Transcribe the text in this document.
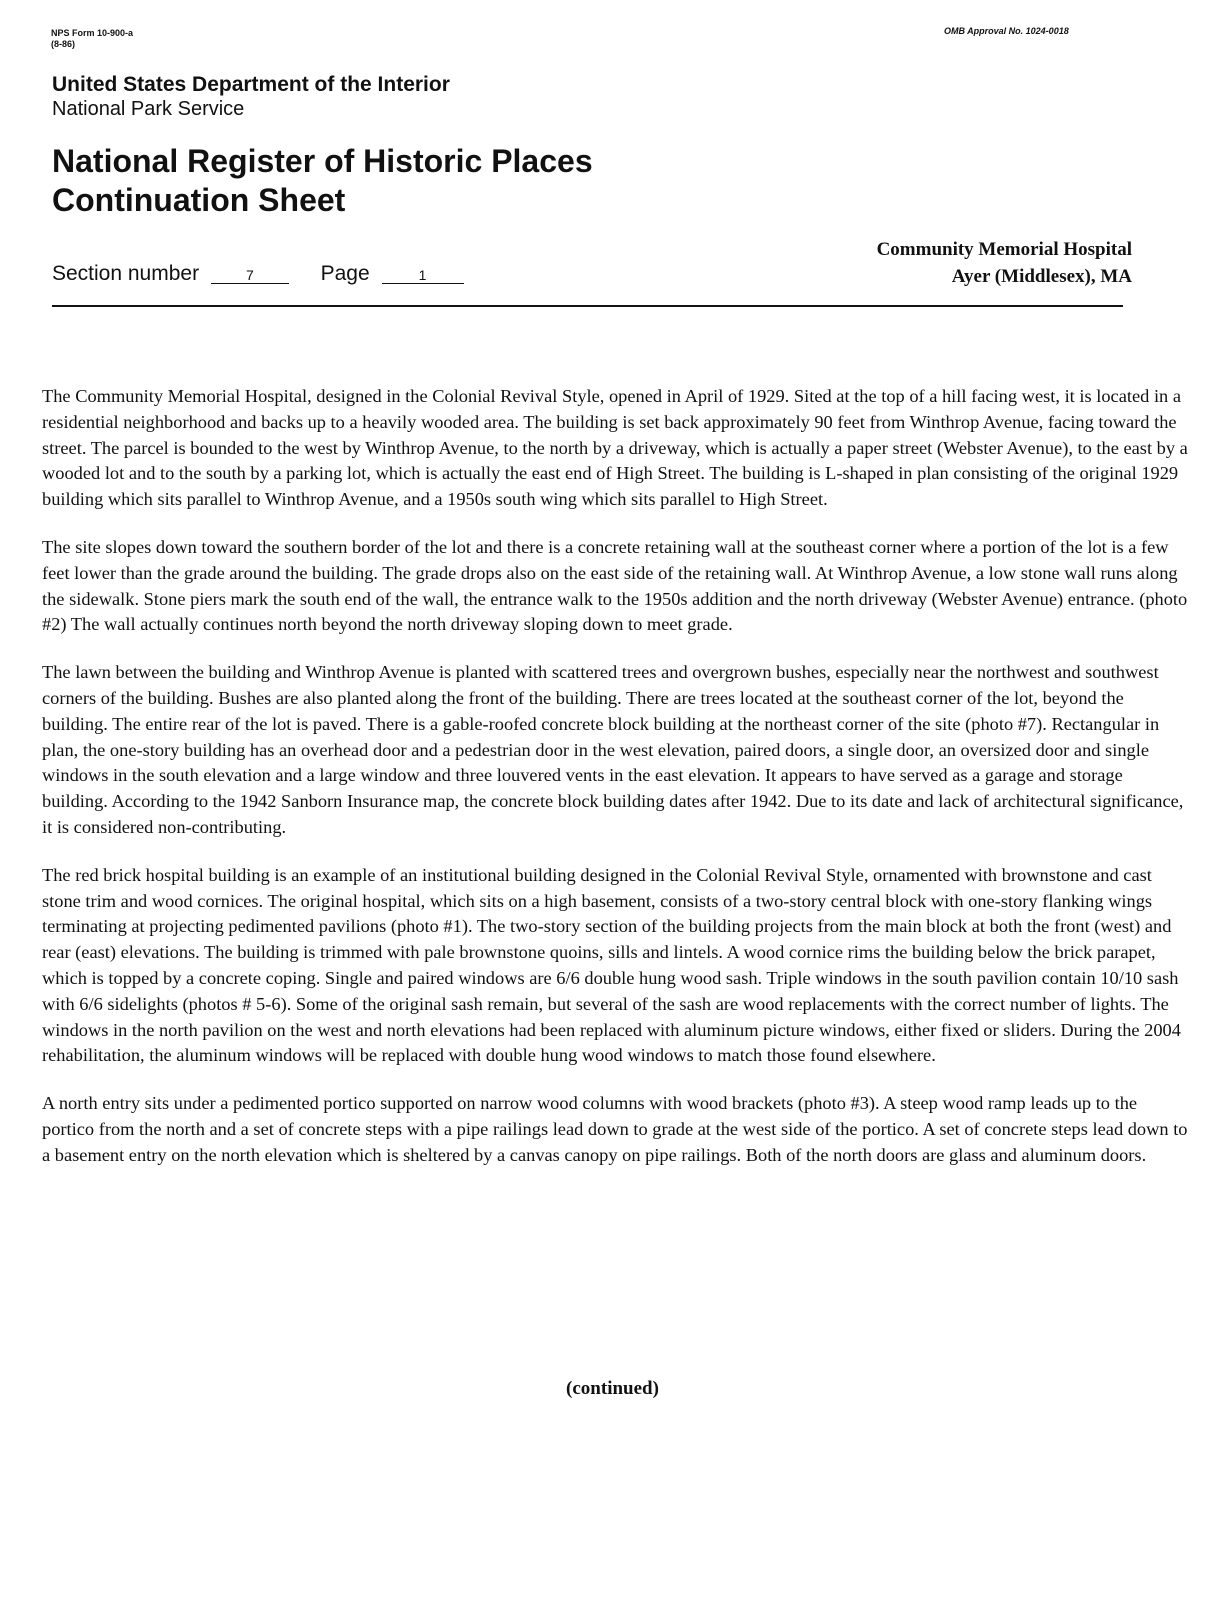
NPS Form 10-900-a
(8-86)
OMB Approval No. 1024-0018
United States Department of the Interior
National Park Service
National Register of Historic Places
Continuation Sheet
Community Memorial Hospital
Ayer (Middlesex), MA
Section number	7	Page	1

The Community Memorial Hospital, designed in the Colonial Revival Style, opened in April of 1929. Sited at the top of a hill facing west, it is located in a residential neighborhood and backs up to a heavily wooded area. The building is set back approximately 90 feet from Winthrop Avenue, facing toward the street. The parcel is bounded to the west by Winthrop Avenue, to the north by a driveway, which is actually a paper street (Webster Avenue), to the east by a wooded lot and to the south by a parking lot, which is actually the east end of High Street. The building is L-shaped in plan consisting of the original 1929 building which sits parallel to Winthrop Avenue, and a 1950s south wing which sits parallel to High Street.

The site slopes down toward the southern border of the lot and there is a concrete retaining wall at the southeast corner where a portion of the lot is a few feet lower than the grade around the building. The grade drops also on the east side of the retaining wall. At Winthrop Avenue, a low stone wall runs along the sidewalk. Stone piers mark the south end of the wall, the entrance walk to the 1950s addition and the north driveway (Webster Avenue) entrance. (photo #2) The wall actually continues north beyond the north driveway sloping down to meet grade.

The lawn between the building and Winthrop Avenue is planted with scattered trees and overgrown bushes, especially near the northwest and southwest corners of the building. Bushes are also planted along the front of the building. There are trees located at the southeast corner of the lot, beyond the building. The entire rear of the lot is paved. There is a gable-roofed concrete block building at the northeast corner of the site (photo #7). Rectangular in plan, the one-story building has an overhead door and a pedestrian door in the west elevation, paired doors, a single door, an oversized door and single windows in the south elevation and a large window and three louvered vents in the east elevation. It appears to have served as a garage and storage building. According to the 1942 Sanborn Insurance map, the concrete block building dates after 1942. Due to its date and lack of architectural significance, it is considered non-contributing.

The red brick hospital building is an example of an institutional building designed in the Colonial Revival Style, ornamented with brownstone and cast stone trim and wood cornices. The original hospital, which sits on a high basement, consists of a two-story central block with one-story flanking wings terminating at projecting pedimented pavilions (photo #1). The two-story section of the building projects from the main block at both the front (west) and rear (east) elevations. The building is trimmed with pale brownstone quoins, sills and lintels. A wood cornice rims the building below the brick parapet, which is topped by a concrete coping. Single and paired windows are 6/6 double hung wood sash. Triple windows in the south pavilion contain 10/10 sash with 6/6 sidelights (photos # 5-6). Some of the original sash remain, but several of the sash are wood replacements with the correct number of lights. The windows in the north pavilion on the west and north elevations had been replaced with aluminum picture windows, either fixed or sliders. During the 2004 rehabilitation, the aluminum windows will be replaced with double hung wood windows to match those found elsewhere.

A north entry sits under a pedimented portico supported on narrow wood columns with wood brackets (photo #3). A steep wood ramp leads up to the portico from the north and a set of concrete steps with a pipe railings lead down to grade at the west side of the portico. A set of concrete steps lead down to a basement entry on the north elevation which is sheltered by a canvas canopy on pipe railings. Both of the north doors are glass and aluminum doors.

(continued)
